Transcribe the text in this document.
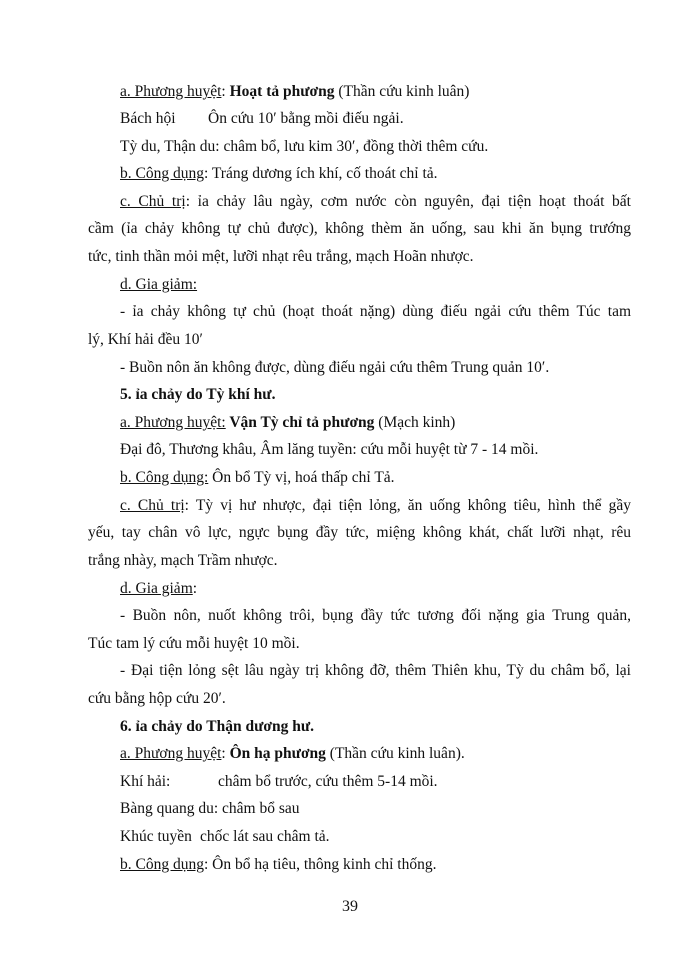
a. Phương huyệt: Hoạt tả phương (Thần cứu kinh luân)
Bách hội Ôn cứu 10′ bằng mồi điếu ngải.
Tỳ du, Thận du: châm bổ, lưu kim 30′, đồng thời thêm cứu.
b. Công dụng: Tráng dương ích khí, cố thoát chỉ tả.
c. Chủ trị: ỉa chảy lâu ngày, cơm nước còn nguyên, đại tiện hoạt thoát bất
cầm (ỉa chảy không tự chủ được), không thèm ăn uống, sau khi ăn bụng trướng
tức, tinh thần mỏi mệt, lưỡi nhạt rêu trắng, mạch Hoãn nhược.
d. Gia giảm:
- ỉa chảy không tự chủ (hoạt thoát nặng) dùng điếu ngải cứu thêm Túc tam
lý, Khí hải đều 10′
- Buồn nôn ăn không được, dùng điếu ngải cứu thêm Trung quản 10′.
5. ỉa chảy do Tỳ khí hư.
a. Phương huyệt: Vận Tỳ chỉ tả phương (Mạch kinh)
Đại đô, Thương khâu, Âm lăng tuyền: cứu mỗi huyệt từ 7 - 14 mồi.
b. Công dụng: Ôn bổ Tỳ vị, hoá thấp chỉ Tả.
c. Chủ trị: Tỳ vị hư nhược, đại tiện lỏng, ăn uống không tiêu, hình thể gầy
yếu, tay chân vô lực, ngực bụng đầy tức, miệng không khát, chất lưỡi nhạt, rêu
trắng nhày, mạch Trầm nhược.
d. Gia giảm:
- Buồn nôn, nuốt không trôi, bụng đầy tức tương đối nặng gia Trung quản,
Túc tam lý cứu mỗi huyệt 10 mồi.
- Đại tiện lỏng sệt lâu ngày trị không đỡ, thêm Thiên khu, Tỳ du châm bổ, lại
cứu bằng hộp cứu 20′.
6. ỉa chảy do Thận dương hư.
a. Phương huyệt: Ôn hạ phương (Thần cứu kinh luân).
Khí hải:	châm bổ trước, cứu thêm 5-14 mồi.
Bàng quang du: châm bổ sau
Khúc tuyền chốc lát sau châm tả.
b. Công dụng: Ôn bổ hạ tiêu, thông kinh chỉ thống.
39
